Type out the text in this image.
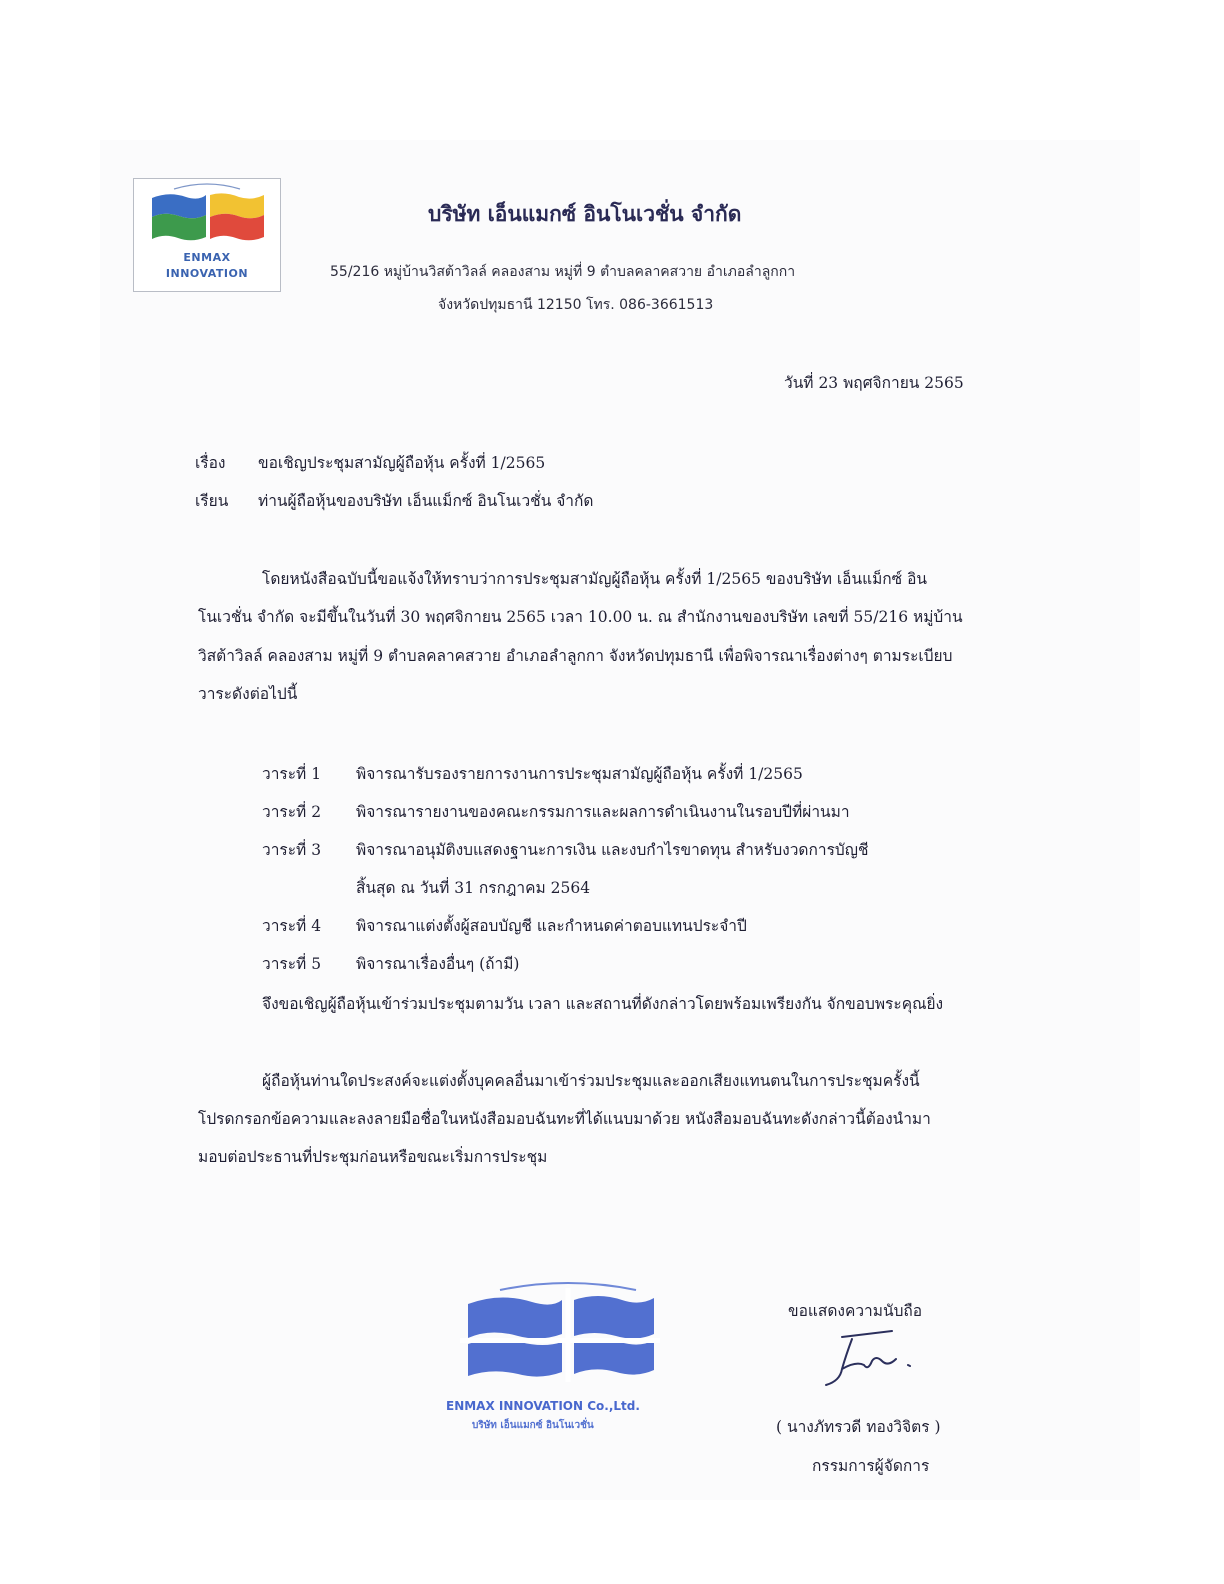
ENMAX
INNOVATION
บริษัท เอ็นแมกซ์ อินโนเวชั่น จำกัด
55/216 หมู่บ้านวิสต้าวิลล์ คลองสาม หมู่ที่ 9 ตำบลคลาคสวาย อำเภอลำลูกกา
จังหวัดปทุมธานี 12150 โทร. 086-3661513
วันที่ 23 พฤศจิกายน 2565
เรื่อง ขอเชิญประชุมสามัญผู้ถือหุ้น ครั้งที่ 1/2565
เรียน ท่านผู้ถือหุ้นของบริษัท เอ็นแม็กซ์ อินโนเวชั่น จำกัด
โดยหนังสือฉบับนี้ขอแจ้งให้ทราบว่าการประชุมสามัญผู้ถือหุ้น ครั้งที่ 1/2565 ของบริษัท เอ็นแม็กซ์ อิน
โนเวชั่น จำกัด จะมีขึ้นในวันที่ 30 พฤศจิกายน 2565 เวลา 10.00 น. ณ สำนักงานของบริษัท เลขที่ 55/216 หมู่บ้าน
วิสต้าวิลล์ คลองสาม หมู่ที่ 9 ตำบลคลาคสวาย อำเภอลำลูกกา จังหวัดปทุมธานี เพื่อพิจารณาเรื่องต่างๆ ตามระเบียบ
วาระดังต่อไปนี้
วาระที่ 1 พิจารณารับรองรายการงานการประชุมสามัญผู้ถือหุ้น ครั้งที่ 1/2565
วาระที่ 2 พิจารณารายงานของคณะกรรมการและผลการดำเนินงานในรอบปีที่ผ่านมา
วาระที่ 3 พิจารณาอนุมัติงบแสดงฐานะการเงิน และงบกำไรขาดทุน สำหรับงวดการบัญชี
สิ้นสุด ณ วันที่ 31 กรกฎาคม 2564
วาระที่ 4 พิจารณาแต่งตั้งผู้สอบบัญชี และกำหนดค่าตอบแทนประจำปี
วาระที่ 5 พิจารณาเรื่องอื่นๆ (ถ้ามี)
จึงขอเชิญผู้ถือหุ้นเข้าร่วมประชุมตามวัน เวลา และสถานที่ดังกล่าวโดยพร้อมเพรียงกัน จักขอบพระคุณยิ่ง
ผู้ถือหุ้นท่านใดประสงค์จะแต่งตั้งบุคคลอื่นมาเข้าร่วมประชุมและออกเสียงแทนตนในการประชุมครั้งนี้
โปรดกรอกข้อความและลงลายมือชื่อในหนังสือมอบฉันทะที่ได้แนบมาด้วย หนังสือมอบฉันทะดังกล่าวนี้ต้องนำมา
มอบต่อประธานที่ประชุมก่อนหรือขณะเริ่มการประชุม
ENMAX INNOVATION Co.,Ltd.
บริษัท เอ็นแมกซ์ อินโนเวชั่น
ขอแสดงความนับถือ
( นางภัทรวดี ทองวิจิตร )
กรรมการผู้จัดการ
